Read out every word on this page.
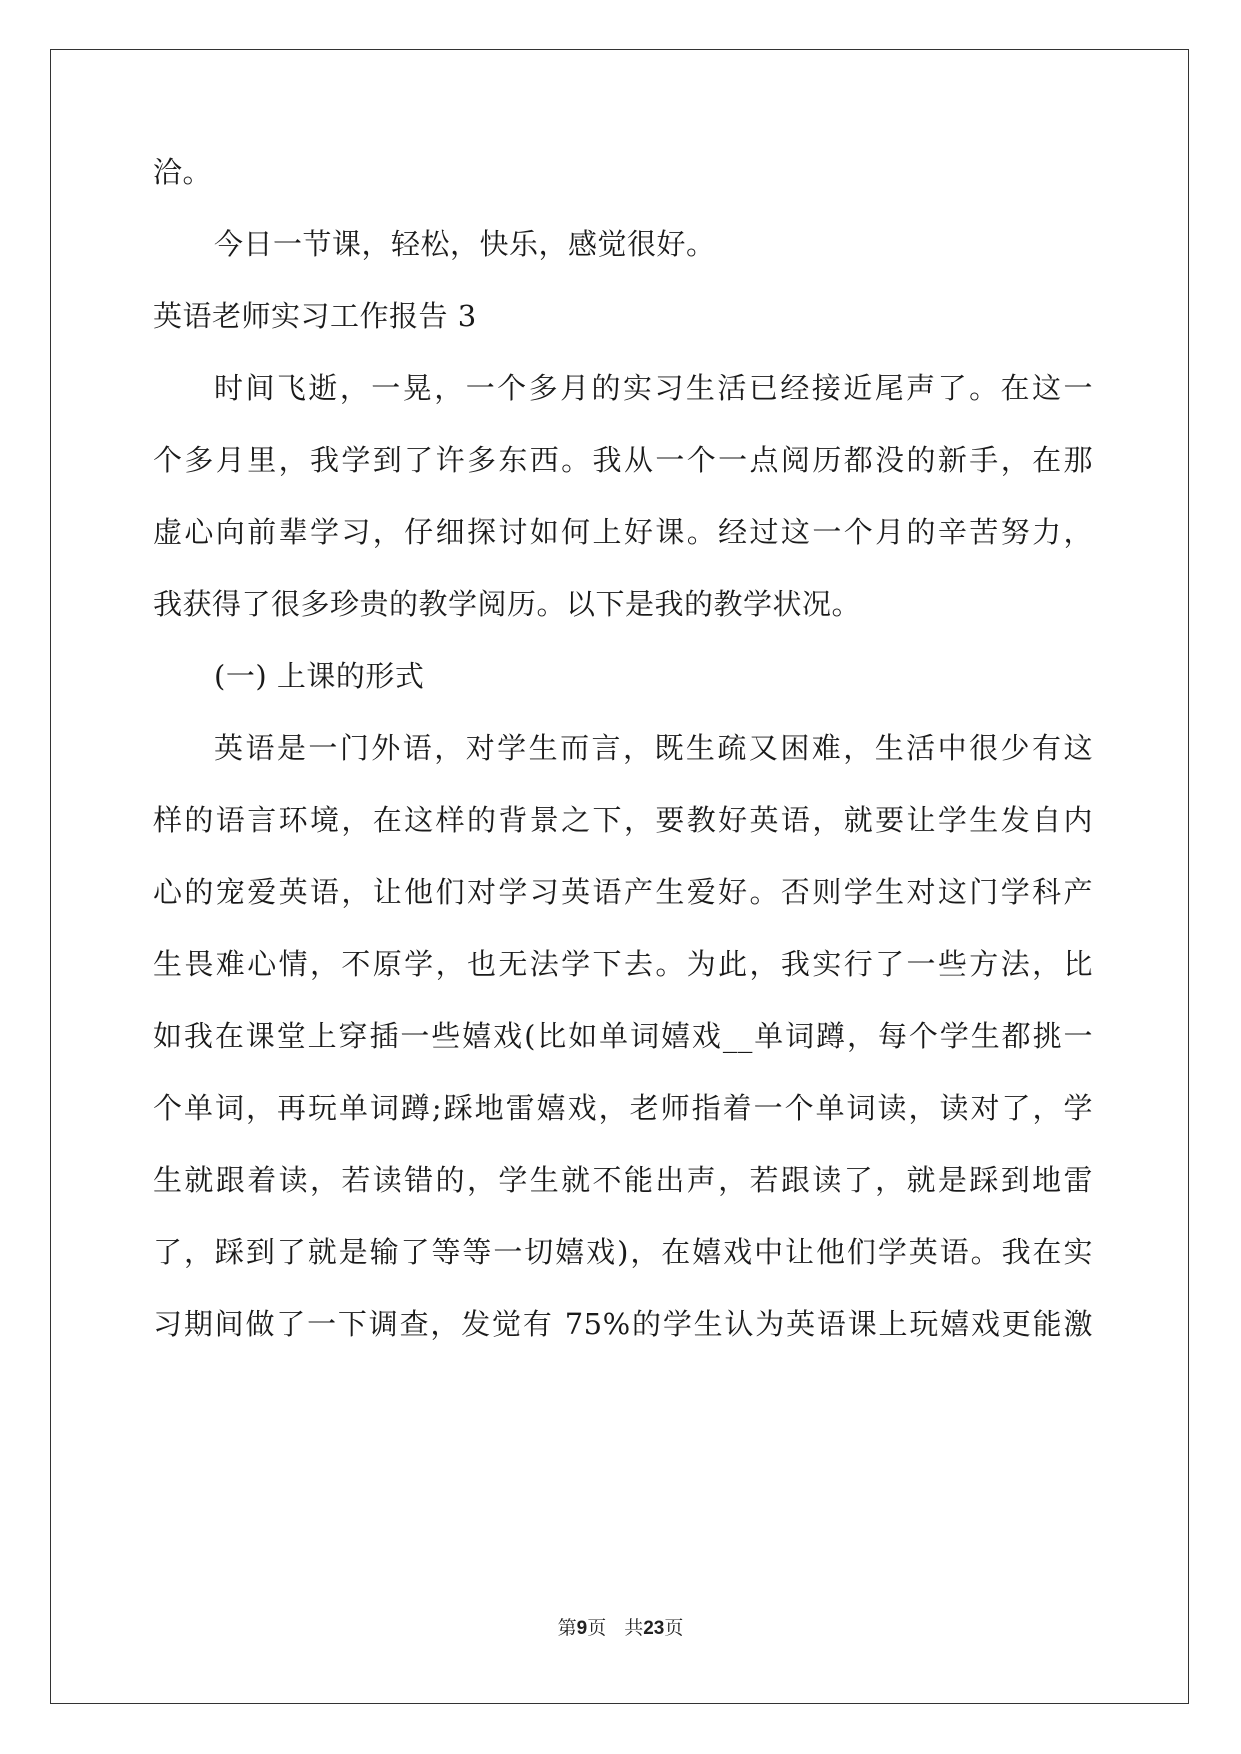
洽。
今日一节课，轻松，快乐，感觉很好。
英语老师实习工作报告 3
时间飞逝，一晃，一个多月的实习生活已经接近尾声了。在这一
个多月里，我学到了许多东西。我从一个一点阅历都没的新手，在那
虚心向前辈学习，仔细探讨如何上好课。经过这一个月的辛苦努力，
我获得了很多珍贵的教学阅历。以下是我的教学状况。
(一) 上课的形式
英语是一门外语，对学生而言，既生疏又困难，生活中很少有这
样的语言环境，在这样的背景之下，要教好英语，就要让学生发自内
心的宠爱英语，让他们对学习英语产生爱好。否则学生对这门学科产
生畏难心情，不原学，也无法学下去。为此，我实行了一些方法，比
如我在课堂上穿插一些嬉戏(比如单词嬉戏__单词蹲，每个学生都挑一
个单词，再玩单词蹲;踩地雷嬉戏，老师指着一个单词读，读对了，学
生就跟着读，若读错的，学生就不能出声，若跟读了，就是踩到地雷
了，踩到了就是输了等等一切嬉戏)，在嬉戏中让他们学英语。我在实
习期间做了一下调查，发觉有 75%的学生认为英语课上玩嬉戏更能激
第9页 共23页
